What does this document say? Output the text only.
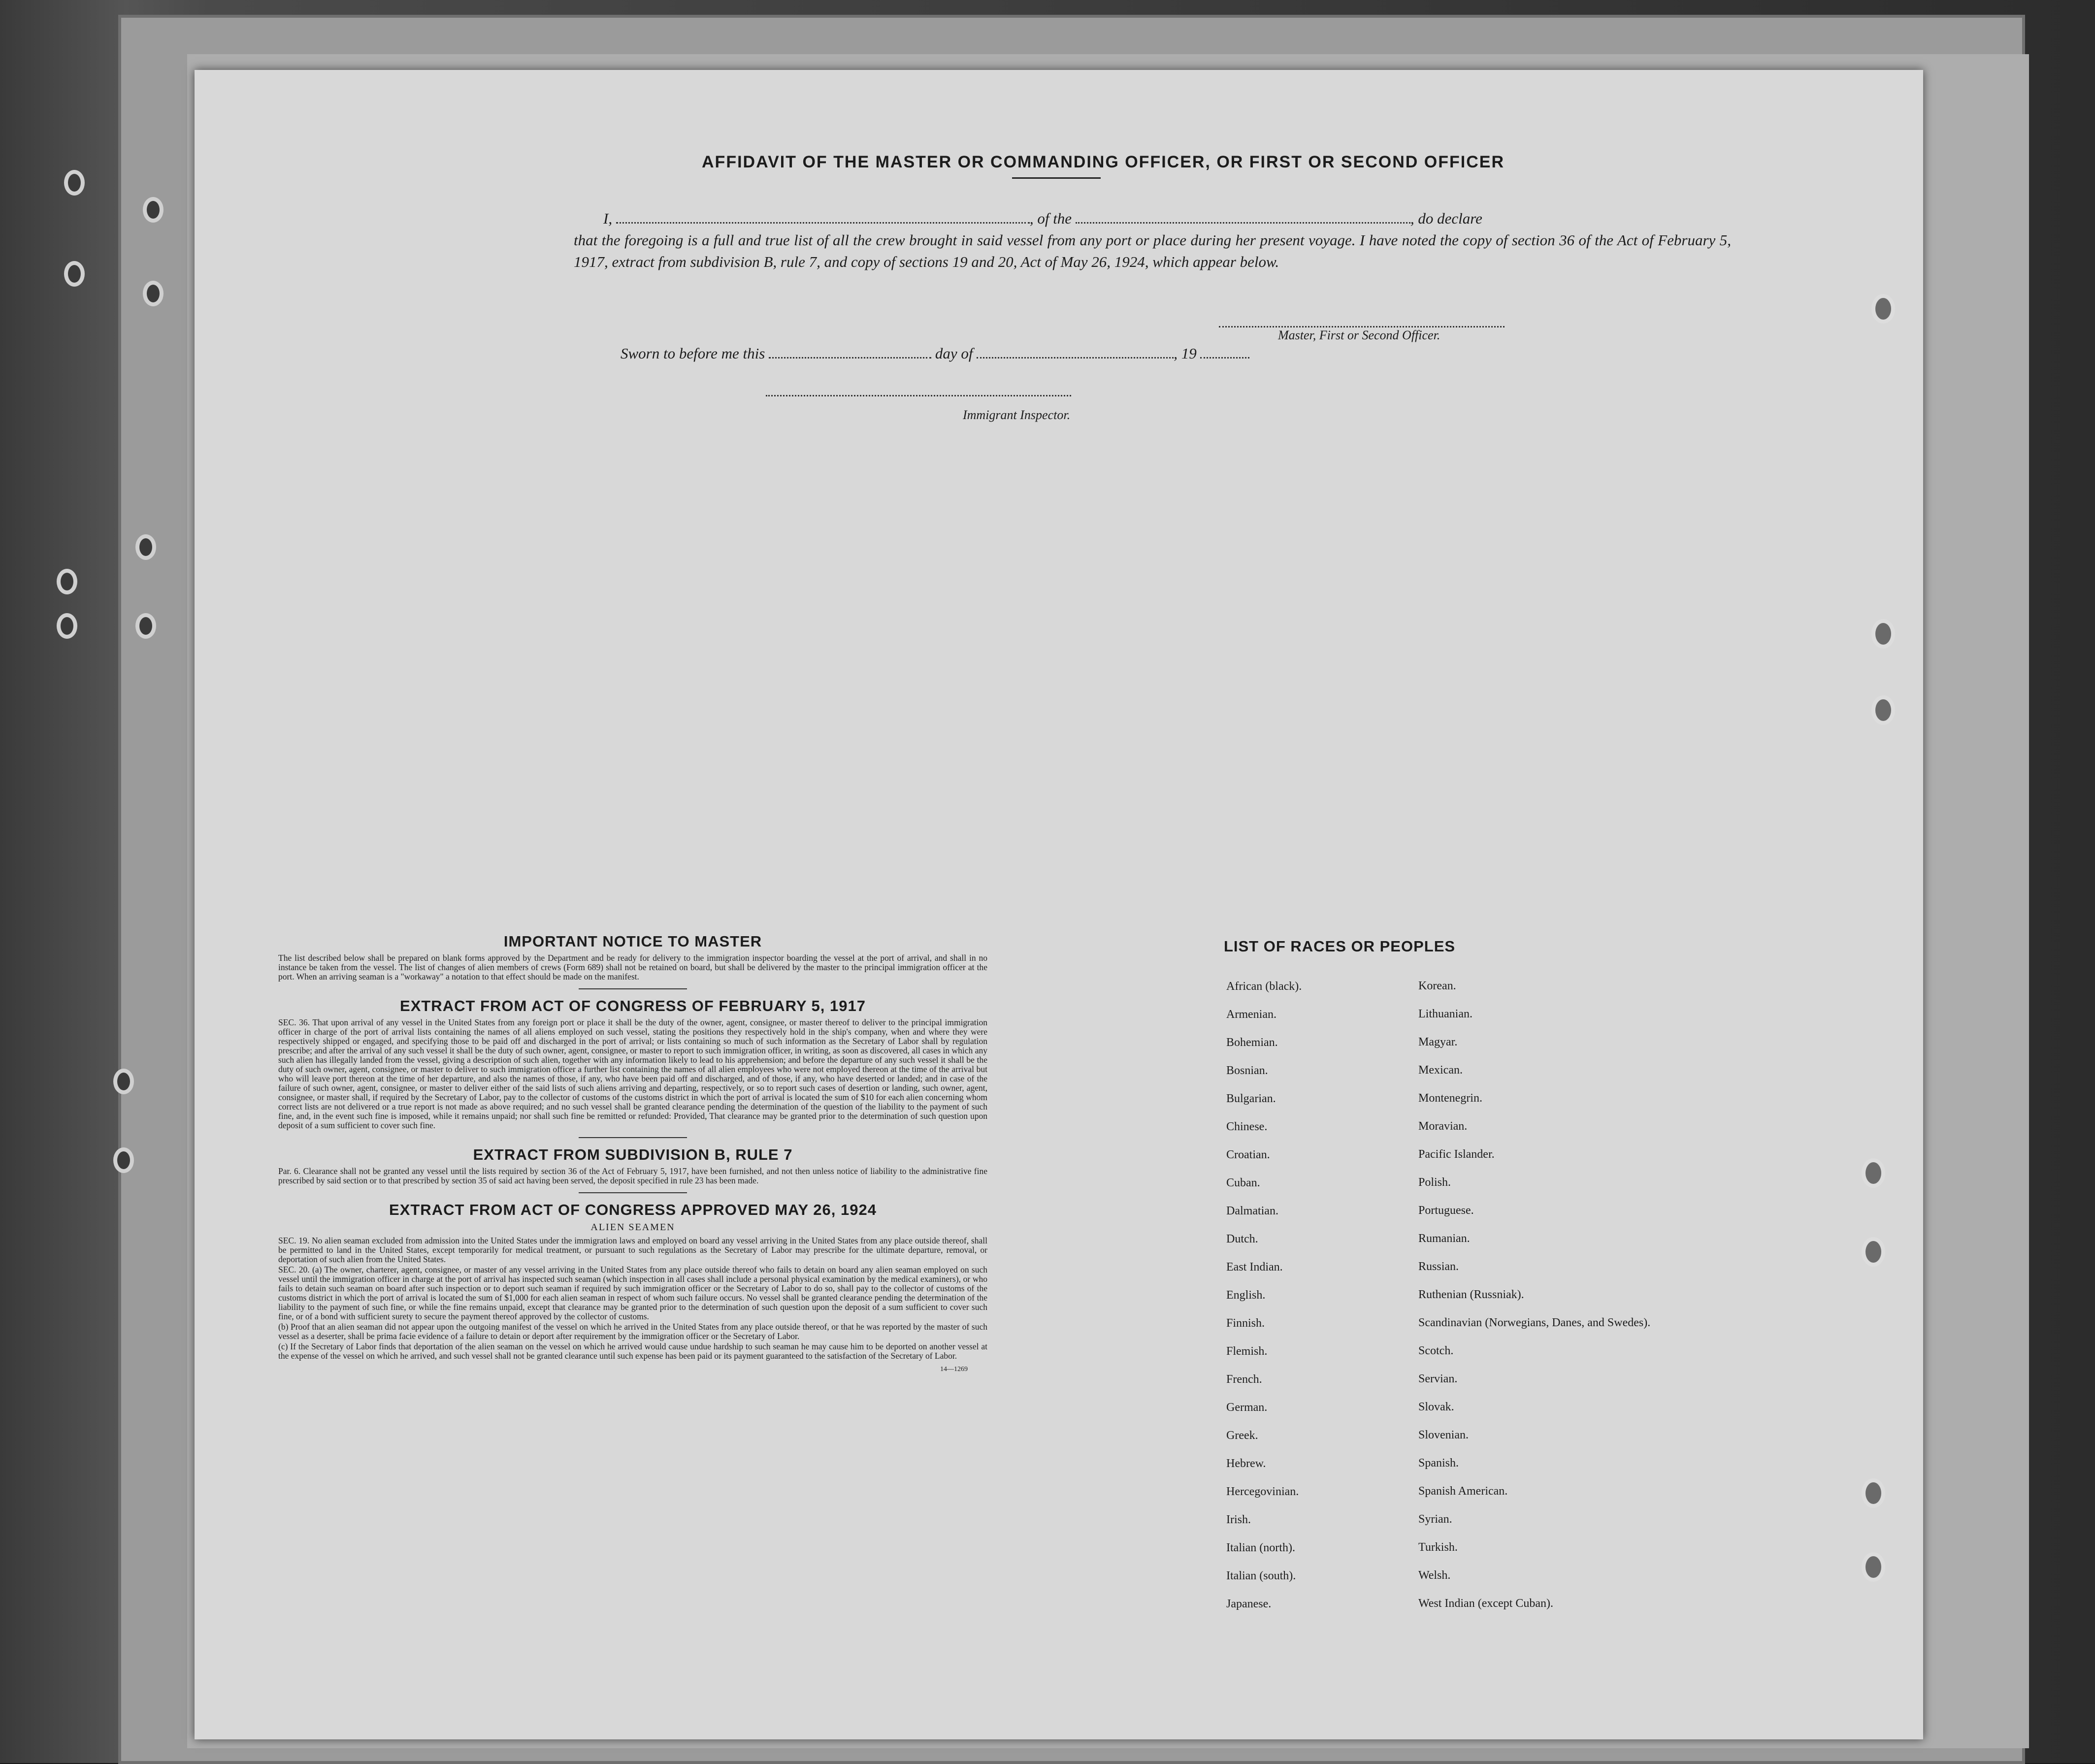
AFFIDAVIT OF THE MASTER OR COMMANDING OFFICER, OR FIRST OR SECOND OFFICER
I,	, of the	, do declare
that the foregoing is a full and true list of all the crew brought in said vessel from any port or place during her present voyage. I have noted the copy of section 36 of the Act of February 5, 1917, extract from subdivision B, rule 7, and copy of sections 19 and 20, Act of May 26, 1924, which appear below.
Master, First or Second Officer.
Sworn to before me this	day of	, 19
Immigrant Inspector.

IMPORTANT NOTICE TO MASTER

The list described below shall be prepared on blank forms approved by the Department and be ready for delivery to the immigration inspector boarding the vessel at the port of arrival, and shall in no instance be taken from the vessel. The list of changes of alien members of crews (Form 689) shall not be retained on board, but shall be delivered by the master to the principal immigration officer at the port. When an arriving seaman is a "workaway" a notation to that effect should be made on the manifest.

EXTRACT FROM ACT OF CONGRESS OF FEBRUARY 5, 1917

SEC. 36. That upon arrival of any vessel in the United States from any foreign port or place it shall be the duty of the owner, agent, consignee, or master thereof to deliver to the principal immigration officer in charge of the port of arrival lists containing the names of all aliens employed on such vessel, stating the positions they respectively hold in the ship's company, when and where they were respectively shipped or engaged, and specifying those to be paid off and discharged in the port of arrival; or lists containing so much of such information as the Secretary of Labor shall by regulation prescribe; and after the arrival of any such vessel it shall be the duty of such owner, agent, consignee, or master to report to such immigration officer, in writing, as soon as discovered, all cases in which any such alien has illegally landed from the vessel, giving a description of such alien, together with any information likely to lead to his apprehension; and before the departure of any such vessel it shall be the duty of such owner, agent, consignee, or master to deliver to such immigration officer a further list containing the names of all alien employees who were not employed thereon at the time of the arrival but who will leave port thereon at the time of her departure, and also the names of those, if any, who have been paid off and discharged, and of those, if any, who have deserted or landed; and in case of the failure of such owner, agent, consignee, or master to deliver either of the said lists of such aliens arriving and departing, respectively, or so to report such cases of desertion or landing, such owner, agent, consignee, or master shall, if required by the Secretary of Labor, pay to the collector of customs of the customs district in which the port of arrival is located the sum of $10 for each alien concerning whom correct lists are not delivered or a true report is not made as above required; and no such vessel shall be granted clearance pending the determination of the question of the liability to the payment of such fine, and, in the event such fine is imposed, while it remains unpaid; nor shall such fine be remitted or refunded: Provided, That clearance may be granted prior to the determination of such question upon deposit of a sum sufficient to cover such fine.

EXTRACT FROM SUBDIVISION B, RULE 7

Par. 6. Clearance shall not be granted any vessel until the lists required by section 36 of the Act of February 5, 1917, have been furnished, and not then unless notice of liability to the administrative fine prescribed by said section or to that prescribed by section 35 of said act having been served, the deposit specified in rule 23 has been made.

EXTRACT FROM ACT OF CONGRESS APPROVED MAY 26, 1924

ALIEN SEAMEN

SEC. 19. No alien seaman excluded from admission into the United States under the immigration laws and employed on board any vessel arriving in the United States from any place outside thereof, shall be permitted to land in the United States, except temporarily for medical treatment, or pursuant to such regulations as the Secretary of Labor may prescribe for the ultimate departure, removal, or deportation of such alien from the United States.

SEC. 20. (a) The owner, charterer, agent, consignee, or master of any vessel arriving in the United States from any place outside thereof who fails to detain on board any alien seaman employed on such vessel until the immigration officer in charge at the port of arrival has inspected such seaman (which inspection in all cases shall include a personal physical examination by the medical examiners), or who fails to detain such seaman on board after such inspection or to deport such seaman if required by such immigration officer or the Secretary of Labor to do so, shall pay to the collector of customs of the customs district in which the port of arrival is located the sum of $1,000 for each alien seaman in respect of whom such failure occurs. No vessel shall be granted clearance pending the determination of the liability to the payment of such fine, or while the fine remains unpaid, except that clearance may be granted prior to the determination of such question upon the deposit of a sum sufficient to cover such fine, or of a bond with sufficient surety to secure the payment thereof approved by the collector of customs.

(b) Proof that an alien seaman did not appear upon the outgoing manifest of the vessel on which he arrived in the United States from any place outside thereof, or that he was reported by the master of such vessel as a deserter, shall be prima facie evidence of a failure to detain or deport after requirement by the immigration officer or the Secretary of Labor.

(c) If the Secretary of Labor finds that deportation of the alien seaman on the vessel on which he arrived would cause undue hardship to such seaman he may cause him to be deported on another vessel at the expense of the vessel on which he arrived, and such vessel shall not be granted clearance until such expense has been paid or its payment guaranteed to the satisfaction of the Secretary of Labor.

14—1269

LIST OF RACES OR PEOPLES
African (black).	Korean.
Armenian.	Lithuanian.
Bohemian.	Magyar.
Bosnian.	Mexican.
Bulgarian.	Montenegrin.
Chinese.	Moravian.
Croatian.	Pacific Islander.
Cuban.	Polish.
Dalmatian.	Portuguese.
Dutch.	Rumanian.
East Indian.	Russian.
English.	Ruthenian (Russniak).
Finnish.	Scandinavian (Norwegians, Danes, and Swedes).
Flemish.	Scotch.
French.	Servian.
German.	Slovak.
Greek.	Slovenian.
Hebrew.	Spanish.
Hercegovinian.	Spanish American.
Irish.	Syrian.
Italian (north).	Turkish.
Italian (south).	Welsh.
Japanese.	West Indian (except Cuban).
